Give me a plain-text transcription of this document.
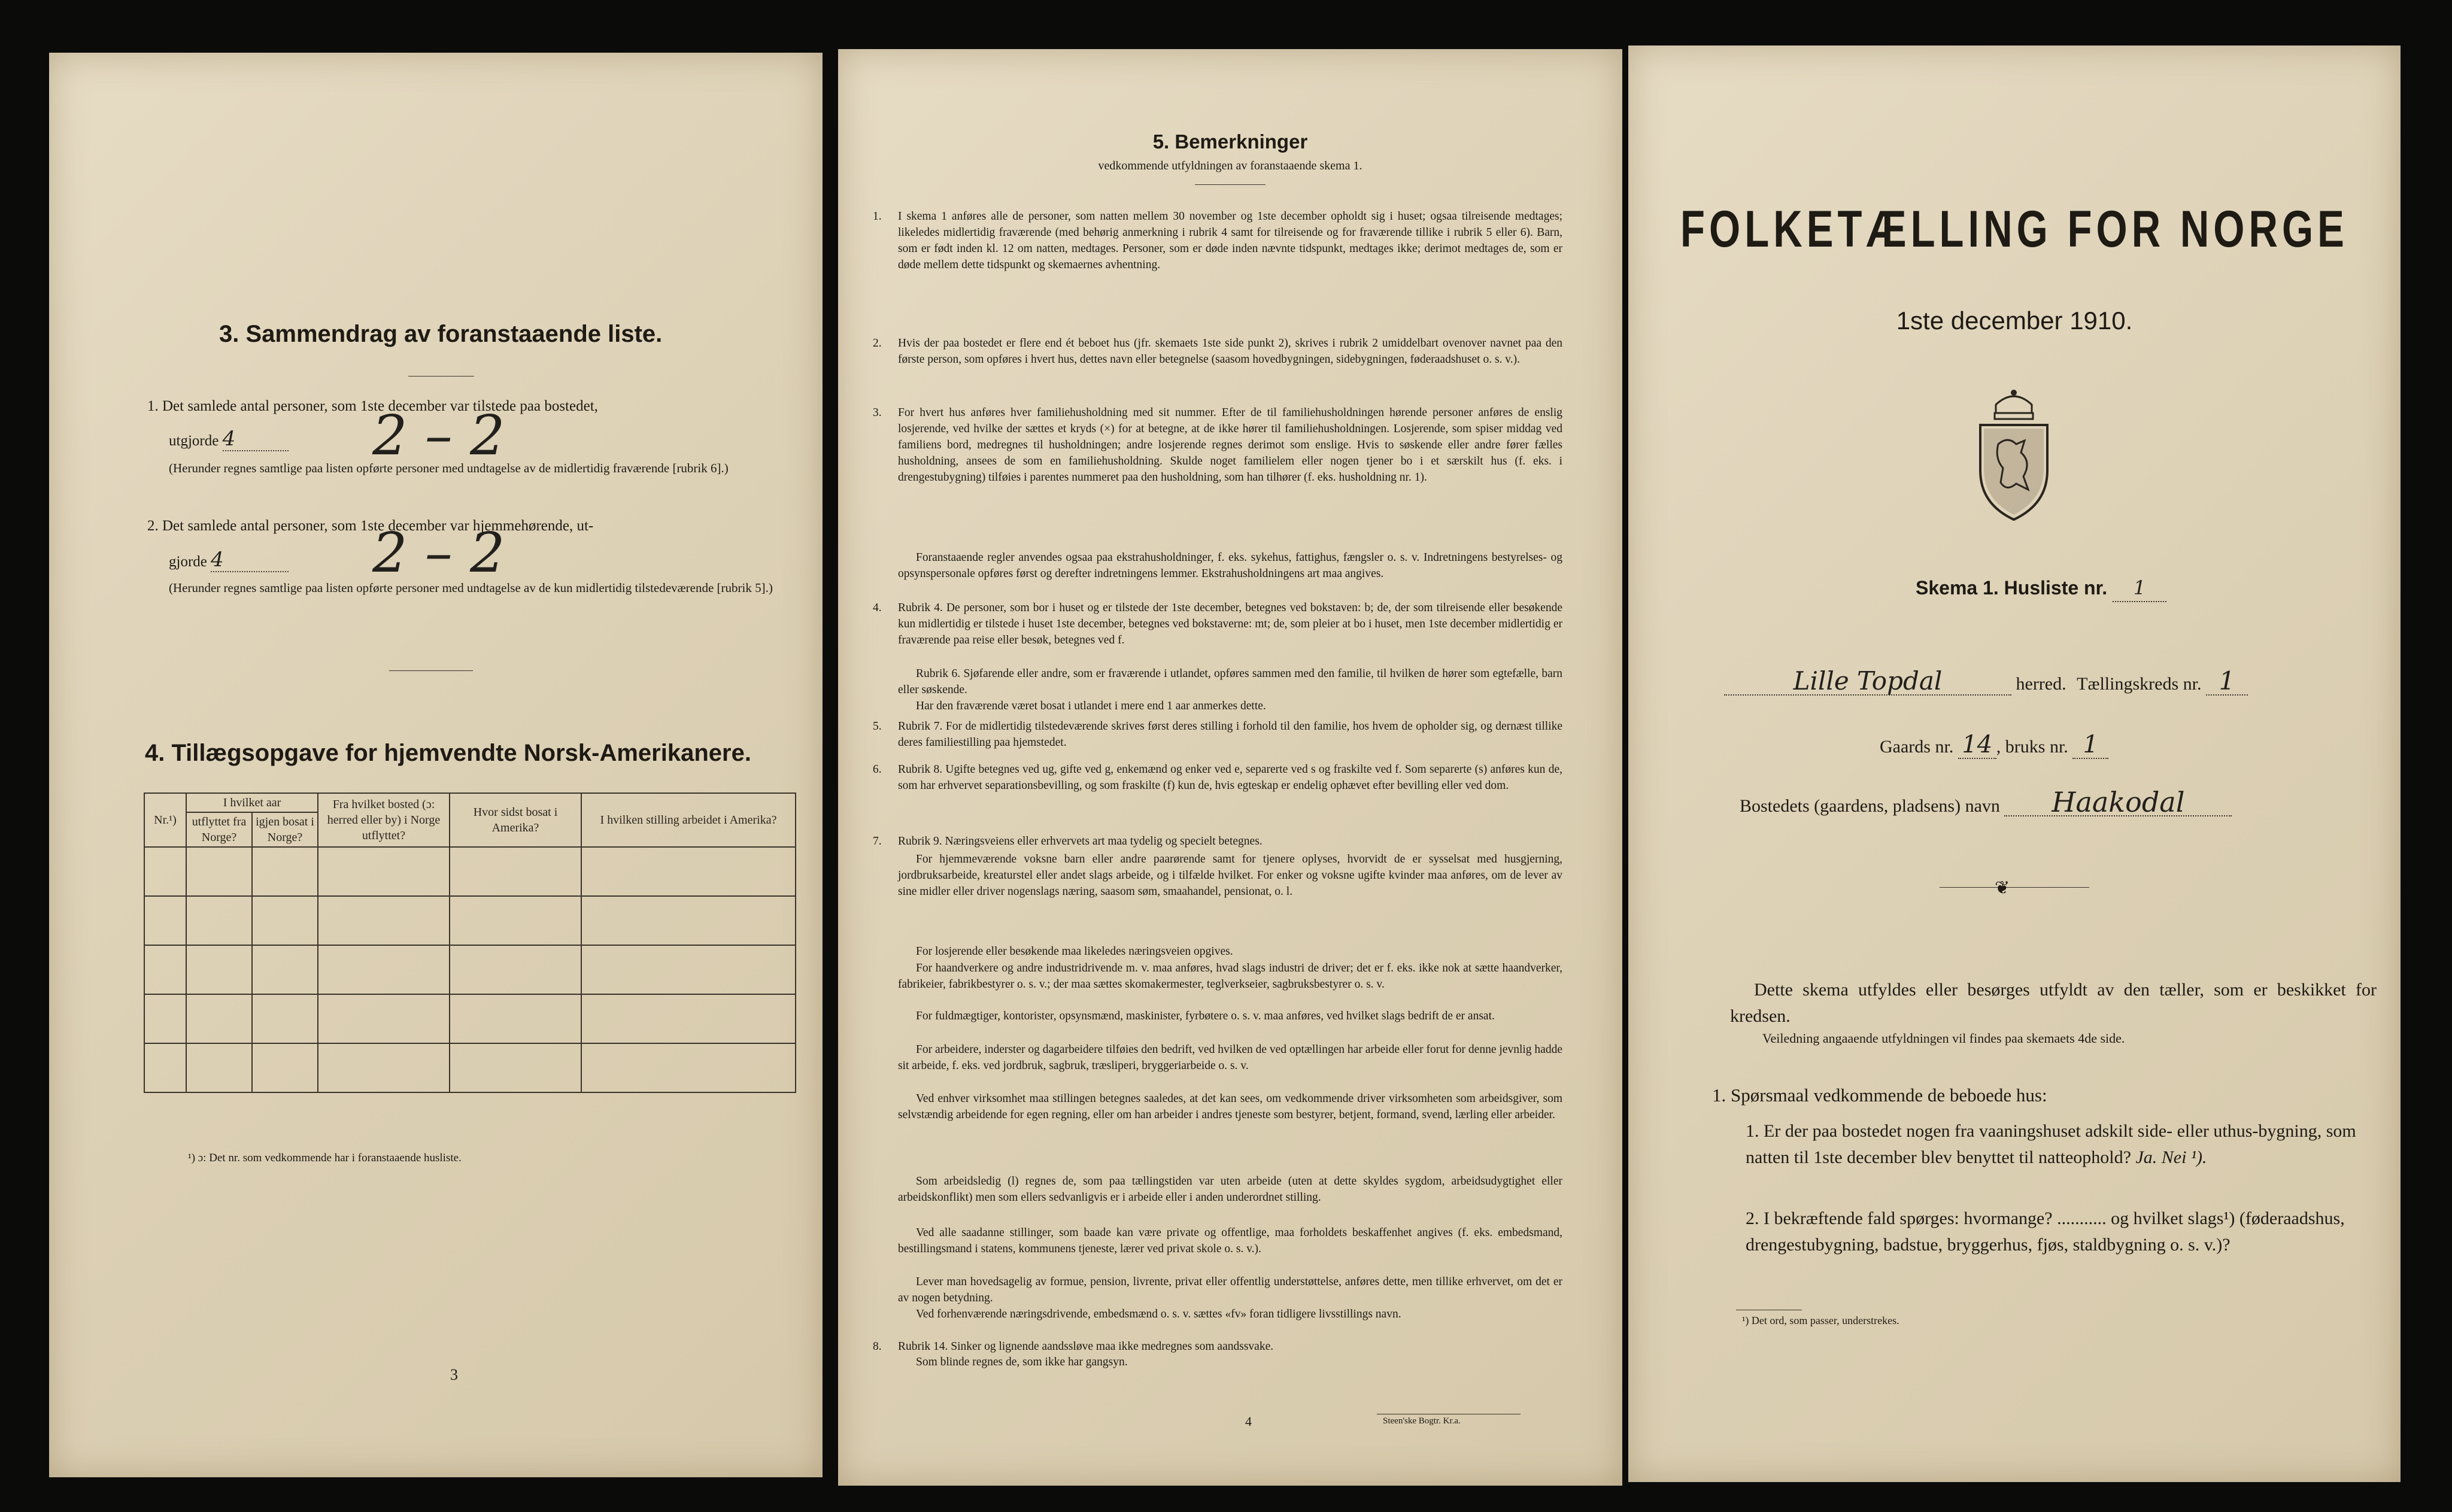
3. Sammendrag av foranstaaende liste.
1. Det samlede antal personer, som 1ste december var tilstede paa bostedet,
utgjorde 4	2 – 2
(Herunder regnes samtlige paa listen opførte personer med undtagelse av de midlertidig fraværende [rubrik 6].)
2. Det samlede antal personer, som 1ste december var hjemmehørende, ut-
gjorde 4	2 – 2
(Herunder regnes samtlige paa listen opførte personer med undtagelse av de kun midlertidig tilstedeværende [rubrik 5].)
4. Tillægsopgave for hjemvendte Norsk-Amerikanere.
Nr.¹)	I hvilket aar		Fra hvilket bosted (ɔ: herred eller by) i Norge utflyttet?	Hvor sidst bosat i Amerika?	I hvilken stilling arbeidet i Amerika?
	utflyttet fra Norge?	igjen bosat i Norge?			

¹) ɔ: Det nr. som vedkommende har i foranstaaende husliste.
3
5. Bemerkninger
vedkommende utfyldningen av foranstaaende skema 1.
1. I skema 1 anføres alle de personer, som natten mellem 30 november og 1ste december opholdt sig i huset; ogsaa tilreisende medtages; likeledes midlertidig fraværende (med behørig anmerkning i rubrik 4 samt for tilreisende og for fraværende tillike i rubrik 5 eller 6). Barn, som er født inden kl. 12 om natten, medtages. Personer, som er døde inden nævnte tidspunkt, medtages ikke; derimot medtages de, som er døde mellem dette tidspunkt og skemaernes avhentning.
2. Hvis der paa bostedet er flere end ét beboet hus (jfr. skemaets 1ste side punkt 2), skrives i rubrik 2 umiddelbart ovenover navnet paa den første person, som opføres i hvert hus, dettes navn eller betegnelse (saasom hovedbygningen, sidebygningen, føderaadshuset o. s. v.).
3. For hvert hus anføres hver familiehusholdning med sit nummer. Efter de til familiehusholdningen hørende personer anføres de enslig losjerende, ved hvilke der sættes et kryds (×) for at betegne, at de ikke hører til familiehusholdningen. Losjerende, som spiser middag ved familiens bord, medregnes til husholdningen; andre losjerende regnes derimot som enslige. Hvis to søskende eller andre fører fælles husholdning, ansees de som en familiehusholdning. Skulde noget familielem eller nogen tjener bo i et særskilt hus (f. eks. i drengestubygning) tilføies i parentes nummeret paa den husholdning, som han tilhører (f. eks. husholdning nr. 1).
Foranstaaende regler anvendes ogsaa paa ekstrahusholdninger, f. eks. sykehus, fattighus, fængsler o. s. v. Indretningens bestyrelses- og opsynspersonale opføres først og derefter indretningens lemmer. Ekstrahusholdningens art maa angives.
4. Rubrik 4. De personer, som bor i huset og er tilstede der 1ste december, betegnes ved bokstaven: b; de, der som tilreisende eller besøkende kun midlertidig er tilstede i huset 1ste december, betegnes ved bokstaverne: mt; de, som pleier at bo i huset, men 1ste december midlertidig er fraværende paa reise eller besøk, betegnes ved f.
Rubrik 6. Sjøfarende eller andre, som er fraværende i utlandet, opføres sammen med den familie, til hvilken de hører som egtefælle, barn eller søskende.
Har den fraværende været bosat i utlandet i mere end 1 aar anmerkes dette.
5. Rubrik 7. For de midlertidig tilstedeværende skrives først deres stilling i forhold til den familie, hos hvem de opholder sig, og dernæst tillike deres familiestilling paa hjemstedet.
6. Rubrik 8. Ugifte betegnes ved ug, gifte ved g, enkemænd og enker ved e, separerte ved s og fraskilte ved f. Som separerte (s) anføres kun de, som har erhvervet separationsbevilling, og som fraskilte (f) kun de, hvis egteskap er endelig ophævet efter bevilling eller ved dom.
7. Rubrik 9. Næringsveiens eller erhvervets art maa tydelig og specielt betegnes.
For hjemmeværende voksne barn eller andre paarørende samt for tjenere oplyses, hvorvidt de er sysselsat med husgjerning, jordbruksarbeide, kreaturstel eller andet slags arbeide, og i tilfælde hvilket. For enker og voksne ugifte kvinder maa anføres, om de lever av sine midler eller driver nogenslags næring, saasom søm, smaahandel, pensionat, o. l.
For losjerende eller besøkende maa likeledes næringsveien opgives.
For haandverkere og andre industridrivende m. v. maa anføres, hvad slags industri de driver; det er f. eks. ikke nok at sætte haandverker, fabrikeier, fabrikbestyrer o. s. v.; der maa sættes skomakermester, teglverkseier, sagbruksbestyrer o. s. v.
For fuldmægtiger, kontorister, opsynsmænd, maskinister, fyrbøtere o. s. v. maa anføres, ved hvilket slags bedrift de er ansat.
For arbeidere, inderster og dagarbeidere tilføies den bedrift, ved hvilken de ved optællingen har arbeide eller forut for denne jevnlig hadde sit arbeide, f. eks. ved jordbruk, sagbruk, træsliperi, bryggeriarbeide o. s. v.
Ved enhver virksomhet maa stillingen betegnes saaledes, at det kan sees, om vedkommende driver virksomheten som arbeidsgiver, som selvstændig arbeidende for egen regning, eller om han arbeider i andres tjeneste som bestyrer, betjent, formand, svend, lærling eller arbeider.
Som arbeidsledig (l) regnes de, som paa tællingstiden var uten arbeide (uten at dette skyldes sygdom, arbeidsudygtighet eller arbeidskonflikt) men som ellers sedvanligvis er i arbeide eller i anden underordnet stilling.
Ved alle saadanne stillinger, som baade kan være private og offentlige, maa forholdets beskaffenhet angives (f. eks. embedsmand, bestillingsmand i statens, kommunens tjeneste, lærer ved privat skole o. s. v.).
Lever man hovedsagelig av formue, pension, livrente, privat eller offentlig understøttelse, anføres dette, men tillike erhvervet, om det er av nogen betydning.
Ved forhenværende næringsdrivende, embedsmænd o. s. v. sættes «fv» foran tidligere livsstillings navn.
8. Rubrik 14. Sinker og lignende aandssløve maa ikke medregnes som aandssvake.
Som blinde regnes de, som ikke har gangsyn.
4	Steen'ske Bogtr. Kr.a.
FOLKETÆLLING FOR NORGE
1ste december 1910.
Skema 1. Husliste nr. 1
Lille Topdal	herred. Tællingskreds nr. 1
Gaards nr. 14 , bruks nr. 1
Bostedets (gaardens, pladsens) navn Haakodal
❦
Dette skema utfyldes eller besørges utfyldt av den tæller, som er beskikket for kredsen.
Veiledning angaaende utfyldningen vil findes paa skemaets 4de side.
1. Spørsmaal vedkommende de beboede hus:
1. Er der paa bostedet nogen fra vaaningshuset adskilt side- eller uthus-bygning, som natten til 1ste december blev benyttet til natteophold? Ja. Nei ¹).
2. I bekræftende fald spørges: hvormange? ........... og hvilket slags¹) (føderaadshus, drengestubygning, badstue, bryggerhus, fjøs, staldbygning o. s. v.)?
¹) Det ord, som passer, understrekes.
